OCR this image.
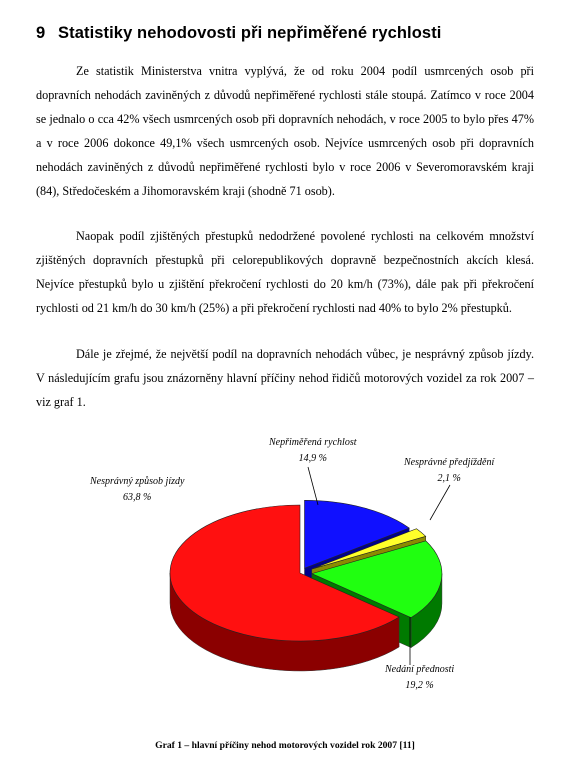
9 Statistiky nehodovosti při nepřiměřené rychlosti

Ze statistik Ministerstva vnitra vyplývá, že od roku 2004 podíl usmrcených osob při dopravních nehodách zaviněných z důvodů nepřiměřené rychlosti stále stoupá. Zatímco v roce 2004 se jednalo o cca 42% všech usmrcených osob při dopravních nehodách, v roce 2005 to bylo přes 47% a v roce 2006 dokonce 49,1% všech usmrcených osob. Nejvíce usmrcených osob při dopravních nehodách zaviněných z důvodů nepřiměřené rychlosti bylo v roce 2006 v Severomoravském kraji (84), Středočeském a Jihomoravském kraji (shodně 71 osob).

Naopak podíl zjištěných přestupků nedodržené povolené rychlosti na celkovém množství zjištěných dopravních přestupků při celorepublikových dopravně bezpečnostních akcích klesá. Nejvíce přestupků bylo u zjištění překročení rychlosti do 20 km/h (73%), dále pak při překročení rychlosti od 21 km/h do 30 km/h (25%) a při překročení rychlosti nad 40% to bylo 2% přestupků.

Dále je zřejmé, že největší podíl na dopravních nehodách vůbec, je nesprávný způsob jízdy. V následujícím grafu jsou znázorněny hlavní příčiny nehod řidičů motorových vozidel za rok 2007 – viz graf 1.

Nepřiměřená rychlost
14,9 %	Nesprávné předjíždění
2,1 %
Nedání přednosti
19,2 %
Nesprávný způsob jízdy
63,8 %
Graf 1 – hlavní příčiny nehod motorových vozidel rok 2007 [11]
